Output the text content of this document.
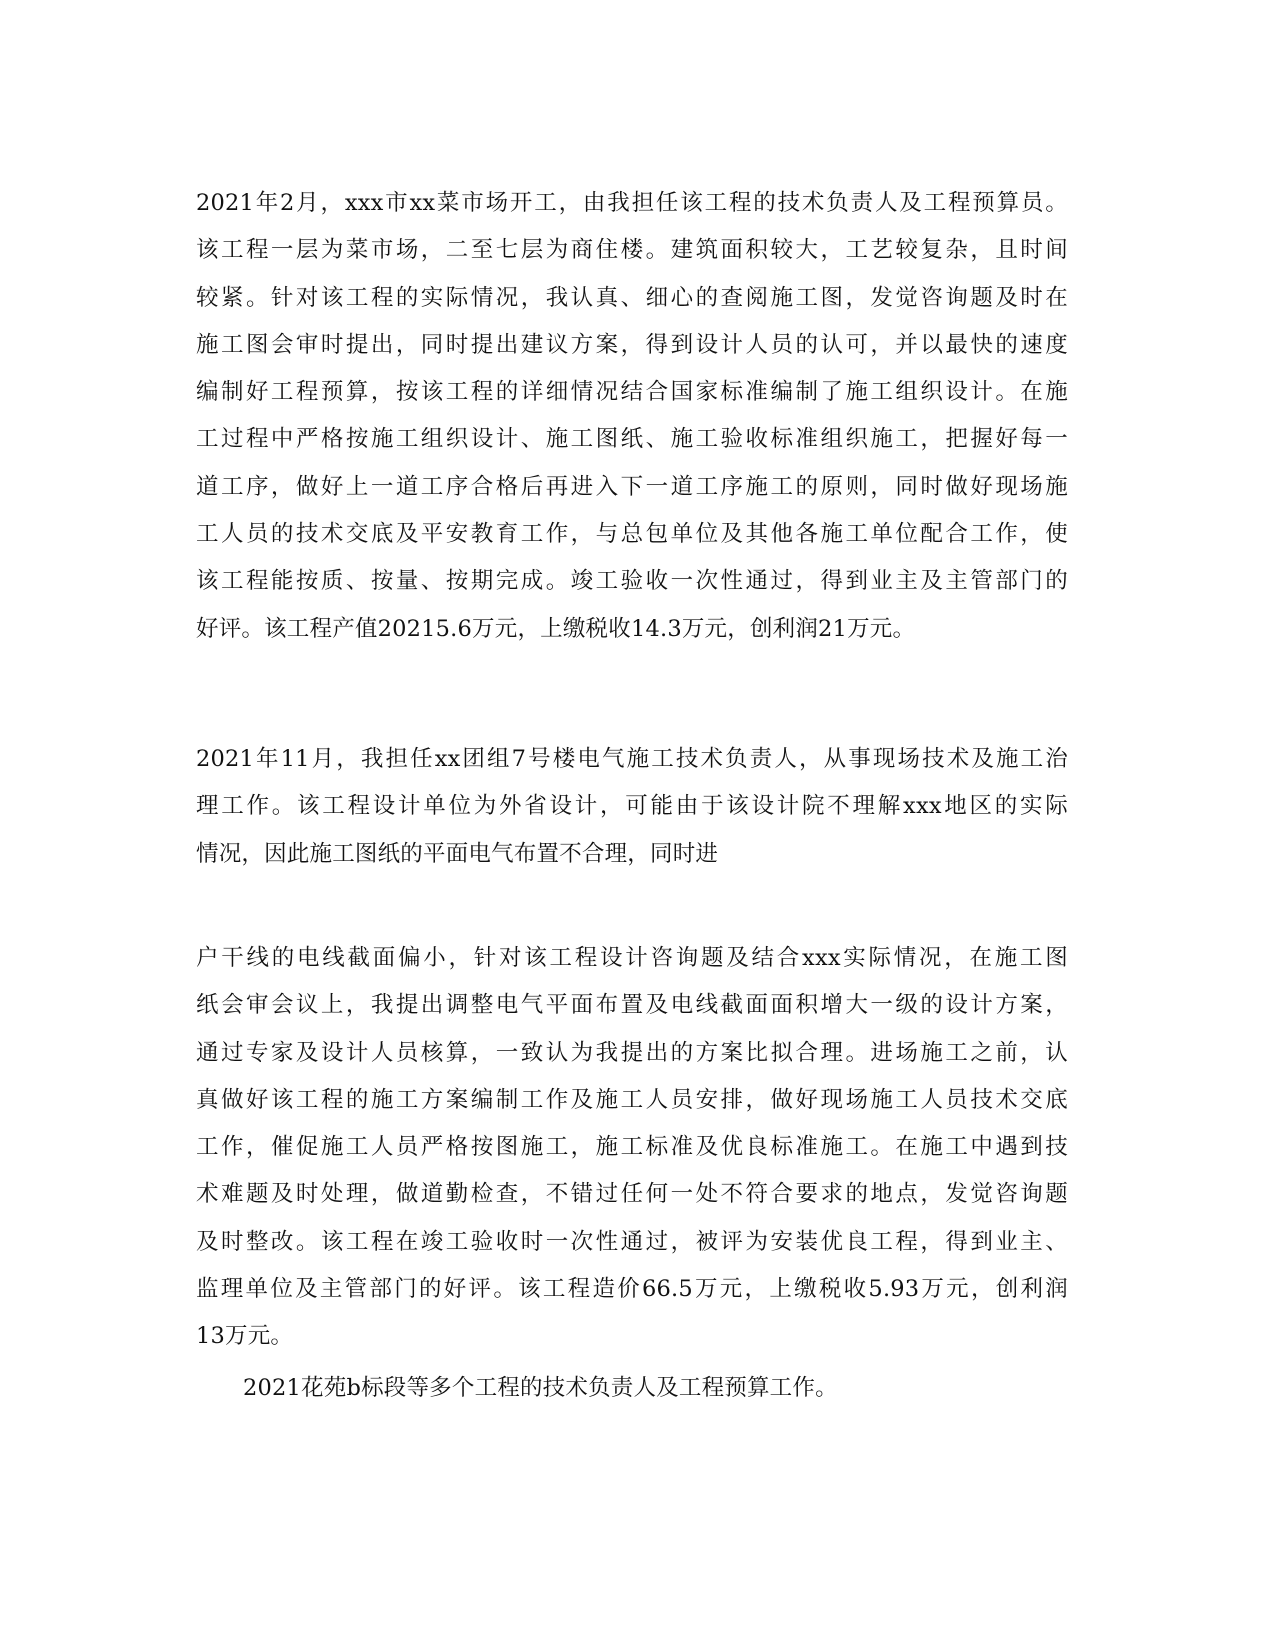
2021年2月，xxx市xx菜市场开工，由我担任该工程的技术负责人及工程预算员。
该工程一层为菜市场，二至七层为商住楼。建筑面积较大，工艺较复杂，且时间
较紧。针对该工程的实际情况，我认真、细心的查阅施工图，发觉咨询题及时在
施工图会审时提出，同时提出建议方案，得到设计人员的认可，并以最快的速度
编制好工程预算，按该工程的详细情况结合国家标准编制了施工组织设计。在施
工过程中严格按施工组织设计、施工图纸、施工验收标准组织施工，把握好每一
道工序，做好上一道工序合格后再进入下一道工序施工的原则，同时做好现场施
工人员的技术交底及平安教育工作，与总包单位及其他各施工单位配合工作，使
该工程能按质、按量、按期完成。竣工验收一次性通过，得到业主及主管部门的
好评。该工程产值20215.6万元，上缴税收14.3万元，创利润21万元。
2021年11月，我担任xx团组7号楼电气施工技术负责人，从事现场技术及施工治
理工作。该工程设计单位为外省设计，可能由于该设计院不理解xxx地区的实际
情况，因此施工图纸的平面电气布置不合理，同时进
户干线的电线截面偏小，针对该工程设计咨询题及结合xxx实际情况，在施工图
纸会审会议上，我提出调整电气平面布置及电线截面面积增大一级的设计方案，
通过专家及设计人员核算，一致认为我提出的方案比拟合理。进场施工之前，认
真做好该工程的施工方案编制工作及施工人员安排，做好现场施工人员技术交底
工作，催促施工人员严格按图施工，施工标准及优良标准施工。在施工中遇到技
术难题及时处理，做道勤检查，不错过任何一处不符合要求的地点，发觉咨询题
及时整改。该工程在竣工验收时一次性通过，被评为安装优良工程，得到业主、
监理单位及主管部门的好评。该工程造价66.5万元，上缴税收5.93万元，创利润
13万元。
2021花苑b标段等多个工程的技术负责人及工程预算工作。
